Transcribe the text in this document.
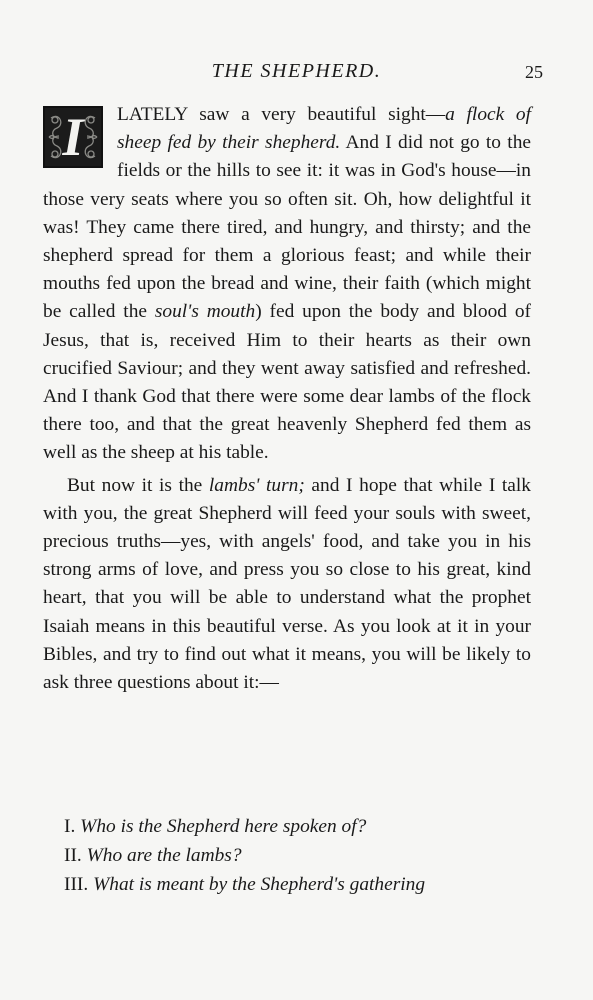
THE SHEPHERD.	25

I	LATELY saw a very beautiful sight—a flock of sheep fed by their shepherd. And I did not go to the fields or the hills to see it: it was in God's house—in those very seats where you so often sit. Oh, how delightful it was! They came there tired, and hungry, and thirsty; and the shepherd spread for them a glorious feast; and while their mouths fed upon the bread and wine, their faith (which might be called the soul's mouth) fed upon the body and blood of Jesus, that is, received Him to their hearts as their own crucified Saviour; and they went away satisfied and refreshed. And I thank God that there were some dear lambs of the flock there too, and that the great heavenly Shepherd fed them as well as the sheep at his table.

But now it is the lambs' turn; and I hope that while I talk with you, the great Shepherd will feed your souls with sweet, precious truths—yes, with angels' food, and take you in his strong arms of love, and press you so close to his great, kind heart, that you will be able to understand what the prophet Isaiah means in this beautiful verse. As you look at it in your Bibles, and try to find out what it means, you will be likely to ask three questions about it:—

I. Who is the Shepherd here spoken of?
II. Who are the lambs?
III. What is meant by the Shepherd's gathering
